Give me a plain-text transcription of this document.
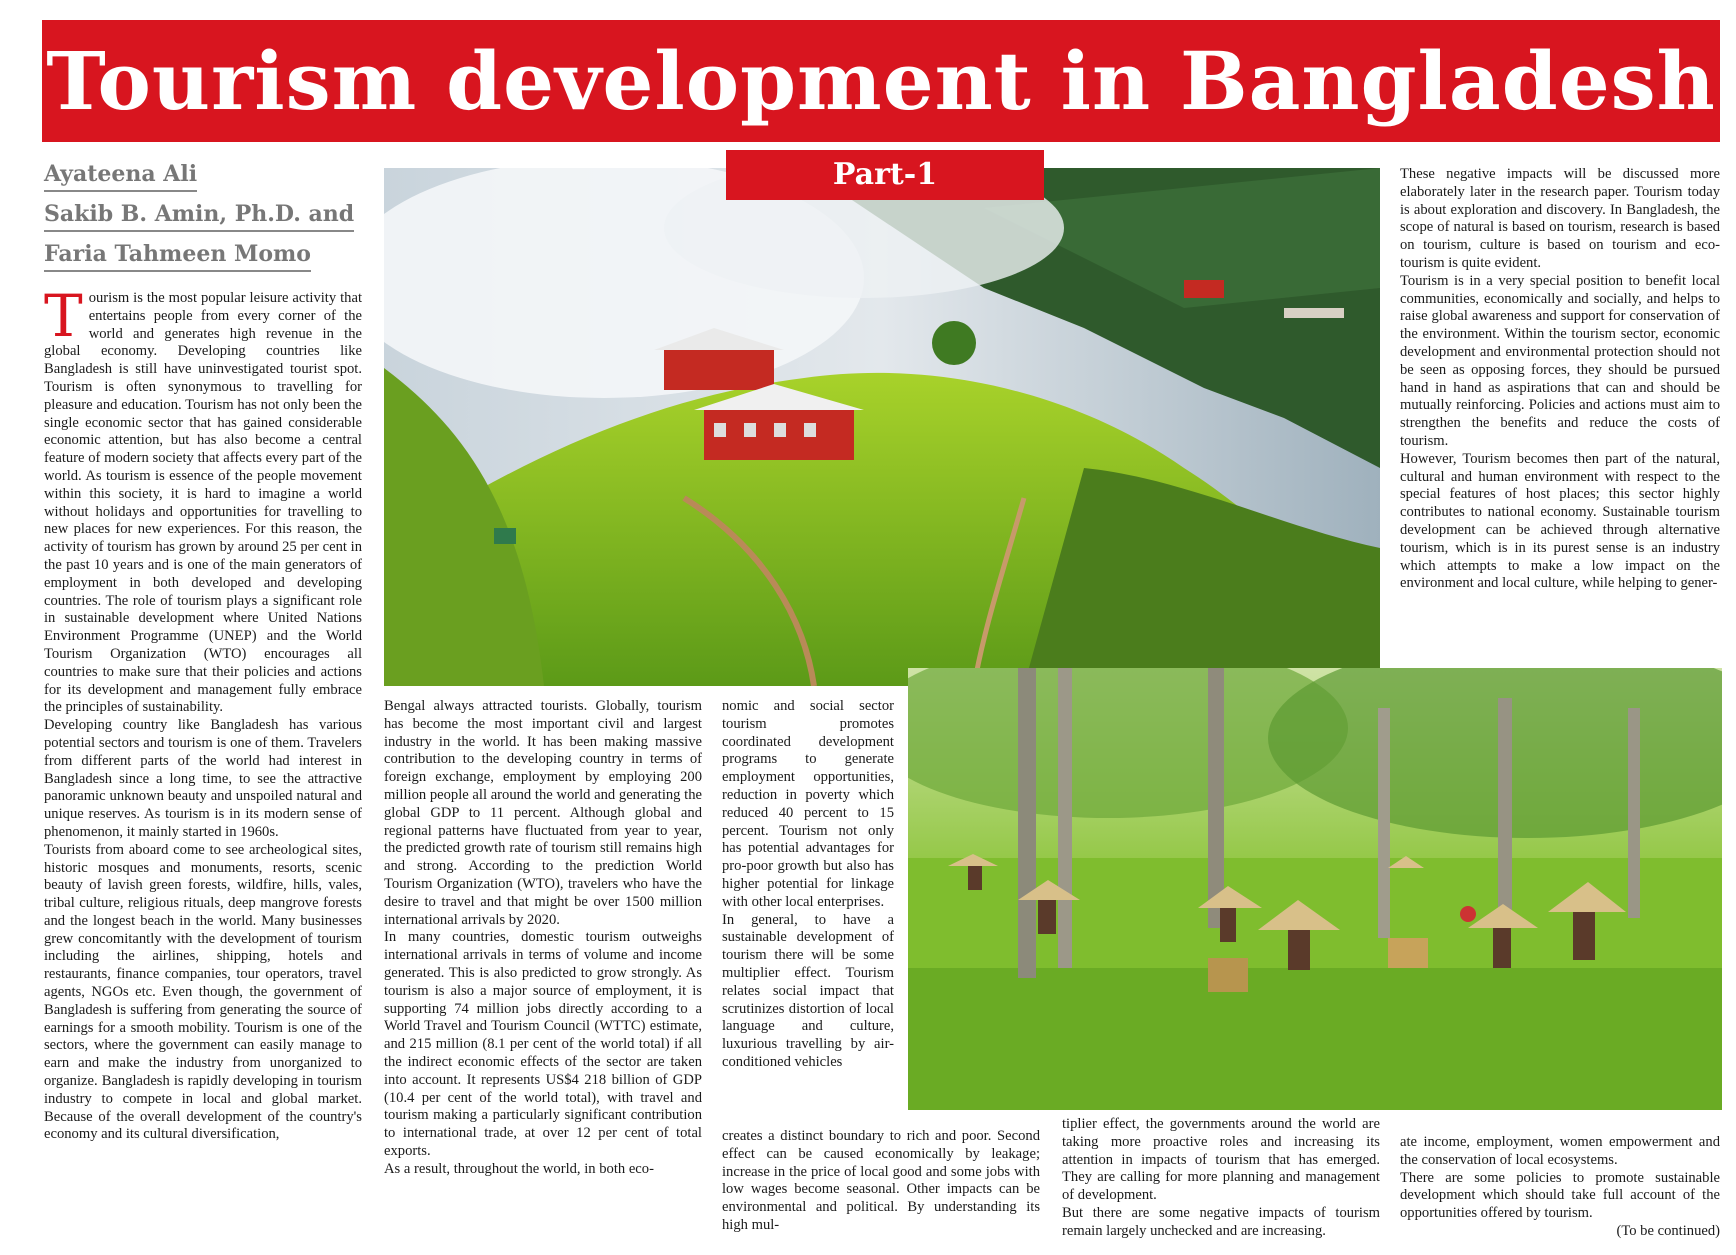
Tourism development in Bangladesh
Ayateena Ali
Sakib B. Amin, Ph.D. and
Faria Tahmeen Momo
Part-1

Tourism is the most popular leisure activity that entertains people from every corner of the world and generates high revenue in the global economy. Developing countries like Bangladesh is still have uninvestigated tourist spot. Tourism is often synonymous to travelling for pleasure and education. Tourism has not only been the single economic sector that has gained considerable economic attention, but has also become a central feature of modern society that affects every part of the world. As tourism is essence of the people movement within this society, it is hard to imagine a world without holidays and opportunities for travelling to new places for new experiences. For this reason, the activity of tourism has grown by around 25 per cent in the past 10 years and is one of the main generators of employment in both developed and developing countries. The role of tourism plays a significant role in sustainable development where United Nations Environment Programme (UNEP) and the World Tourism Organization (WTO) encourages all countries to make sure that their policies and actions for its development and management fully embrace the principles of sustainability.

Developing country like Bangladesh has various potential sectors and tourism is one of them. Travelers from different parts of the world had interest in Bangladesh since a long time, to see the attractive panoramic unknown beauty and unspoiled natural and unique reserves. As tourism is in its modern sense of phenomenon, it mainly started in 1960s.

Tourists from aboard come to see archeological sites, historic mosques and monuments, resorts, scenic beauty of lavish green forests, wildfire, hills, vales, tribal culture, religious rituals, deep mangrove forests and the longest beach in the world. Many businesses grew concomitantly with the development of tourism including the airlines, shipping, hotels and restaurants, finance companies, tour operators, travel agents, NGOs etc. Even though, the government of Bangladesh is suffering from generating the source of earnings for a smooth mobility. Tourism is one of the sectors, where the government can easily manage to earn and make the industry from unorganized to organize. Bangladesh is rapidly developing in tourism industry to compete in local and global market. Because of the overall development of the country's economy and its cultural diversification,

Bengal always attracted tourists. Globally, tourism has become the most important civil and largest industry in the world. It has been making massive contribution to the developing country in terms of foreign exchange, employment by employing 200 million people all around the world and generating the global GDP to 11 percent. Although global and regional patterns have fluctuated from year to year, the predicted growth rate of tourism still remains high and strong. According to the prediction World Tourism Organization (WTO), travelers who have the desire to travel and that might be over 1500 million international arrivals by 2020.

In many countries, domestic tourism outweighs international arrivals in terms of volume and income generated. This is also predicted to grow strongly. As tourism is also a major source of employment, it is supporting 74 million jobs directly according to a World Travel and Tourism Council (WTTC) estimate, and 215 million (8.1 per cent of the world total) if all the indirect economic effects of the sector are taken into account. It represents US$4 218 billion of GDP (10.4 per cent of the world total), with travel and tourism making a particularly significant contribution to international trade, at over 12 per cent of total exports.

As a result, throughout the world, in both eco-

nomic and social sector tourism promotes coordinated development programs to generate employment opportunities, reduction in poverty which reduced 40 percent to 15 percent. Tourism not only has potential advantages for pro-poor growth but also has higher potential for linkage with other local enterprises.

In general, to have a sustainable development of tourism there will be some multiplier effect. Tourism relates social impact that scrutinizes distortion of local language and culture, luxurious travelling by air-conditioned vehicles

creates a distinct boundary to rich and poor. Second effect can be caused economically by leakage; increase in the price of local good and some jobs with low wages become seasonal. Other impacts can be environmental and political. By understanding its high mul-

tiplier effect, the governments around the world are taking more proactive roles and increasing its attention in impacts of tourism that has emerged. They are calling for more planning and management of development.

But there are some negative impacts of tourism remain largely unchecked and are increasing.

These negative impacts will be discussed more elaborately later in the research paper. Tourism today is about exploration and discovery. In Bangladesh, the scope of natural is based on tourism, research is based on tourism, culture is based on tourism and eco-tourism is quite evident.

Tourism is in a very special position to benefit local communities, economically and socially, and helps to raise global awareness and support for conservation of the environment. Within the tourism sector, economic development and environmental protection should not be seen as opposing forces, they should be pursued hand in hand as aspirations that can and should be mutually reinforcing. Policies and actions must aim to strengthen the benefits and reduce the costs of tourism.

However, Tourism becomes then part of the natural, cultural and human environment with respect to the special features of host places; this sector highly contributes to national economy. Sustainable tourism development can be achieved through alternative tourism, which is in its purest sense is an industry which attempts to make a low impact on the environment and local culture, while helping to gener-

ate income, employment, women empowerment and the conservation of local ecosystems.

There are some policies to promote sustainable development which should take full account of the opportunities offered by tourism.

(To be continued)
